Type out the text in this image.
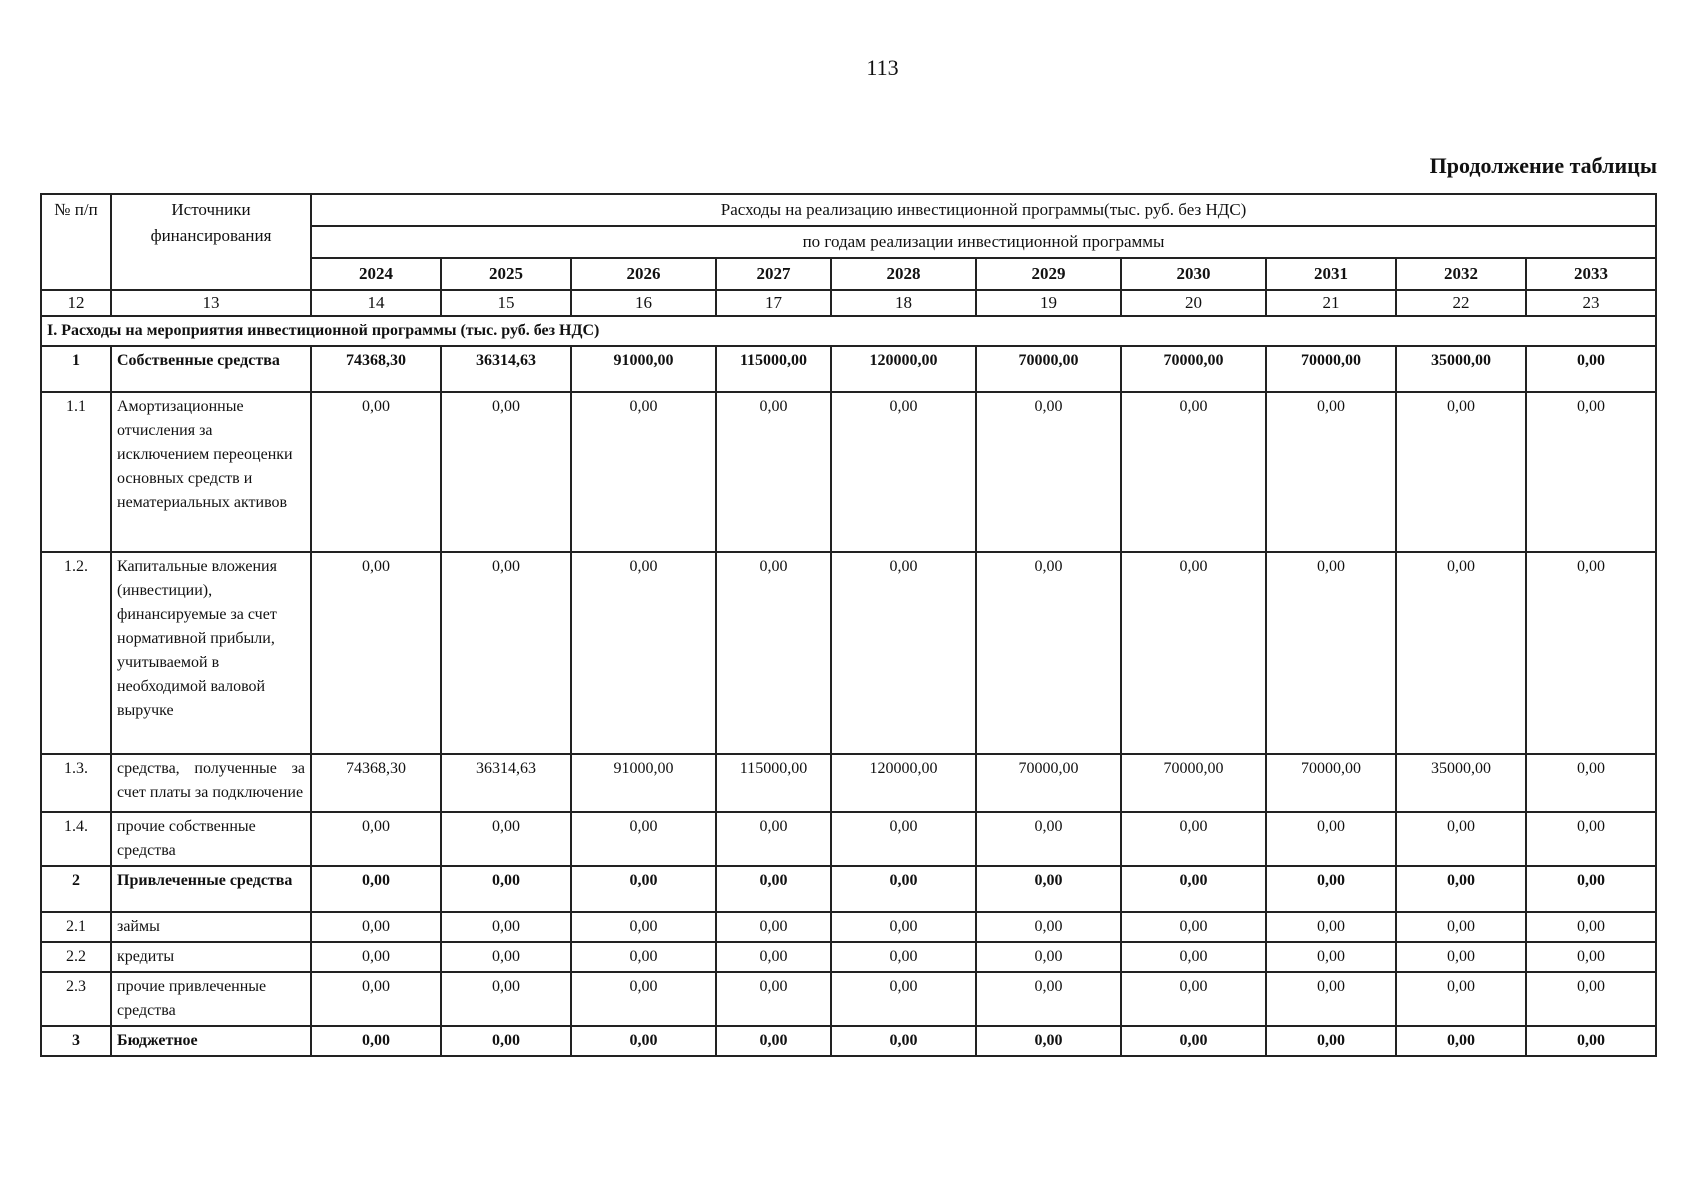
113
Продолжение таблицы
№ п/п	Источники финансирования	Расходы на реализацию инвестиционной программы(тыс. руб. без НДС)									
		по годам реализации инвестиционной программы									
		2024	2025	2026	2027	2028	2029	2030	2031	2032	2033
12	13	14	15	16	17	18	19	20	21	22	23
I. Расходы на мероприятия инвестиционной программы (тыс. руб. без НДС)											
1	Собственные средства	74368,30	36314,63	91000,00	115000,00	120000,00	70000,00	70000,00	70000,00	35000,00	0,00
1.1	Амортизационные отчисления за исключением переоценки основных средств и нематериальных активов	0,00	0,00	0,00	0,00	0,00	0,00	0,00	0,00	0,00	0,00
1.2.	Капитальные вложения (инвестиции), финансируемые за счет нормативной прибыли, учитываемой в необходимой валовой выручке	0,00	0,00	0,00	0,00	0,00	0,00	0,00	0,00	0,00	0,00
1.3.	средства, полученные за счет платы за подключение	74368,30	36314,63	91000,00	115000,00	120000,00	70000,00	70000,00	70000,00	35000,00	0,00
1.4.	прочие собственные средства	0,00	0,00	0,00	0,00	0,00	0,00	0,00	0,00	0,00	0,00
2	Привлеченные средства	0,00	0,00	0,00	0,00	0,00	0,00	0,00	0,00	0,00	0,00
2.1	займы	0,00	0,00	0,00	0,00	0,00	0,00	0,00	0,00	0,00	0,00
2.2	кредиты	0,00	0,00	0,00	0,00	0,00	0,00	0,00	0,00	0,00	0,00
2.3	прочие привлеченные средства	0,00	0,00	0,00	0,00	0,00	0,00	0,00	0,00	0,00	0,00
3	Бюджетное	0,00	0,00	0,00	0,00	0,00	0,00	0,00	0,00	0,00	0,00
